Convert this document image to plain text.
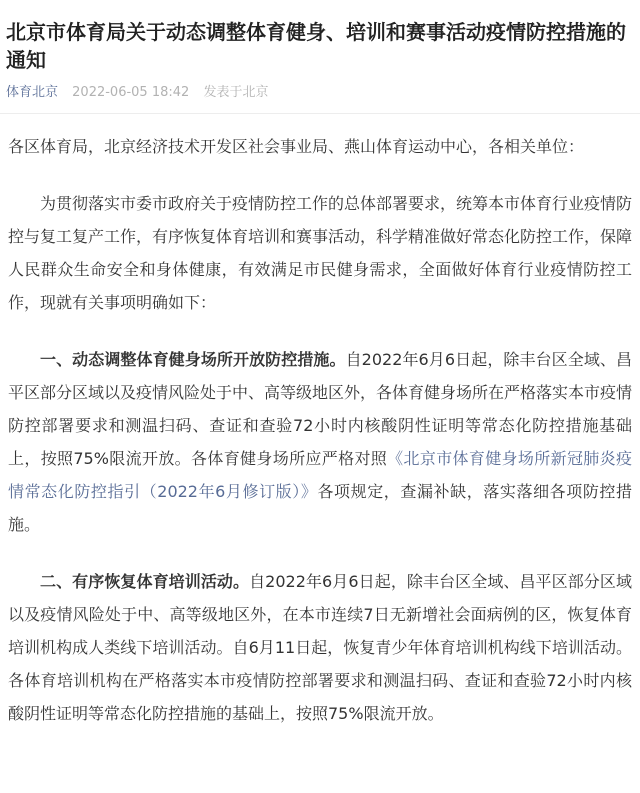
北京市体育局关于动态调整体育健身、培训和赛事活动疫情防控措施的通知
体育北京 2022-06-05 18:42 发表于北京

各区体育局，北京经济技术开发区社会事业局、燕山体育运动中心，各相关单位：

为贯彻落实市委市政府关于疫情防控工作的总体部署要求，统筹本市体育行业疫情防控与复工复产工作，有序恢复体育培训和赛事活动，科学精准做好常态化防控工作，保障人民群众生命安全和身体健康，有效满足市民健身需求，全面做好体育行业疫情防控工作，现就有关事项明确如下：

一、动态调整体育健身场所开放防控措施。自2022年6月6日起，除丰台区全域、昌平区部分区域以及疫情风险处于中、高等级地区外，各体育健身场所在严格落实本市疫情防控部署要求和测温扫码、查证和查验72小时内核酸阴性证明等常态化防控措施基础上，按照75%限流开放。各体育健身场所应严格对照《北京市体育健身场所新冠肺炎疫情常态化防控指引（2022年6月修订版）》各项规定，查漏补缺，落实落细各项防控措施。

二、有序恢复体育培训活动。自2022年6月6日起，除丰台区全域、昌平区部分区域以及疫情风险处于中、高等级地区外，在本市连续7日无新增社会面病例的区，恢复体育培训机构成人类线下培训活动。自6月11日起，恢复青少年体育培训机构线下培训活动。各体育培训机构在严格落实本市疫情防控部署要求和测温扫码、查证和查验72小时内核酸阴性证明等常态化防控措施的基础上，按照75%限流开放。
